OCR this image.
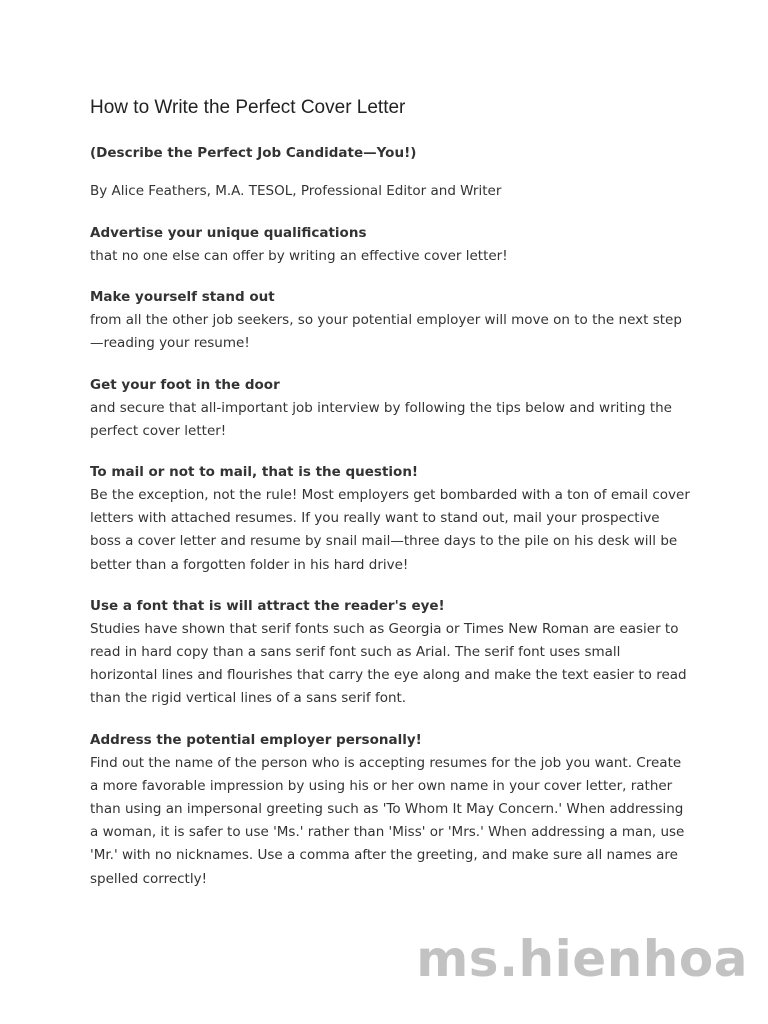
How to Write the Perfect Cover Letter

(Describe the Perfect Job Candidate—You!)

By Alice Feathers, M.A. TESOL, Professional Editor and Writer

Advertise your unique qualifications

that no one else can offer by writing an effective cover letter!

Make yourself stand out

from all the other job seekers, so your potential employer will move on to the next step—reading your resume!

Get your foot in the door

and secure that all-important job interview by following the tips below and writing the perfect cover letter!

To mail or not to mail, that is the question!

Be the exception, not the rule! Most employers get bombarded with a ton of email cover letters with attached resumes. If you really want to stand out, mail your prospective boss a cover letter and resume by snail mail—three days to the pile on his desk will be better than a forgotten folder in his hard drive!

Use a font that is will attract the reader's eye!

Studies have shown that serif fonts such as Georgia or Times New Roman are easier to read in hard copy than a sans serif font such as Arial. The serif font uses small horizontal lines and flourishes that carry the eye along and make the text easier to read than the rigid vertical lines of a sans serif font.

Address the potential employer personally!

Find out the name of the person who is accepting resumes for the job you want. Create a more favorable impression by using his or her own name in your cover letter, rather than using an impersonal greeting such as 'To Whom It May Concern.' When addressing a woman, it is safer to use 'Ms.' rather than 'Miss' or 'Mrs.' When addressing a man, use 'Mr.' with no nicknames. Use a comma after the greeting, and make sure all names are spelled correctly!

ms.hienhoa
